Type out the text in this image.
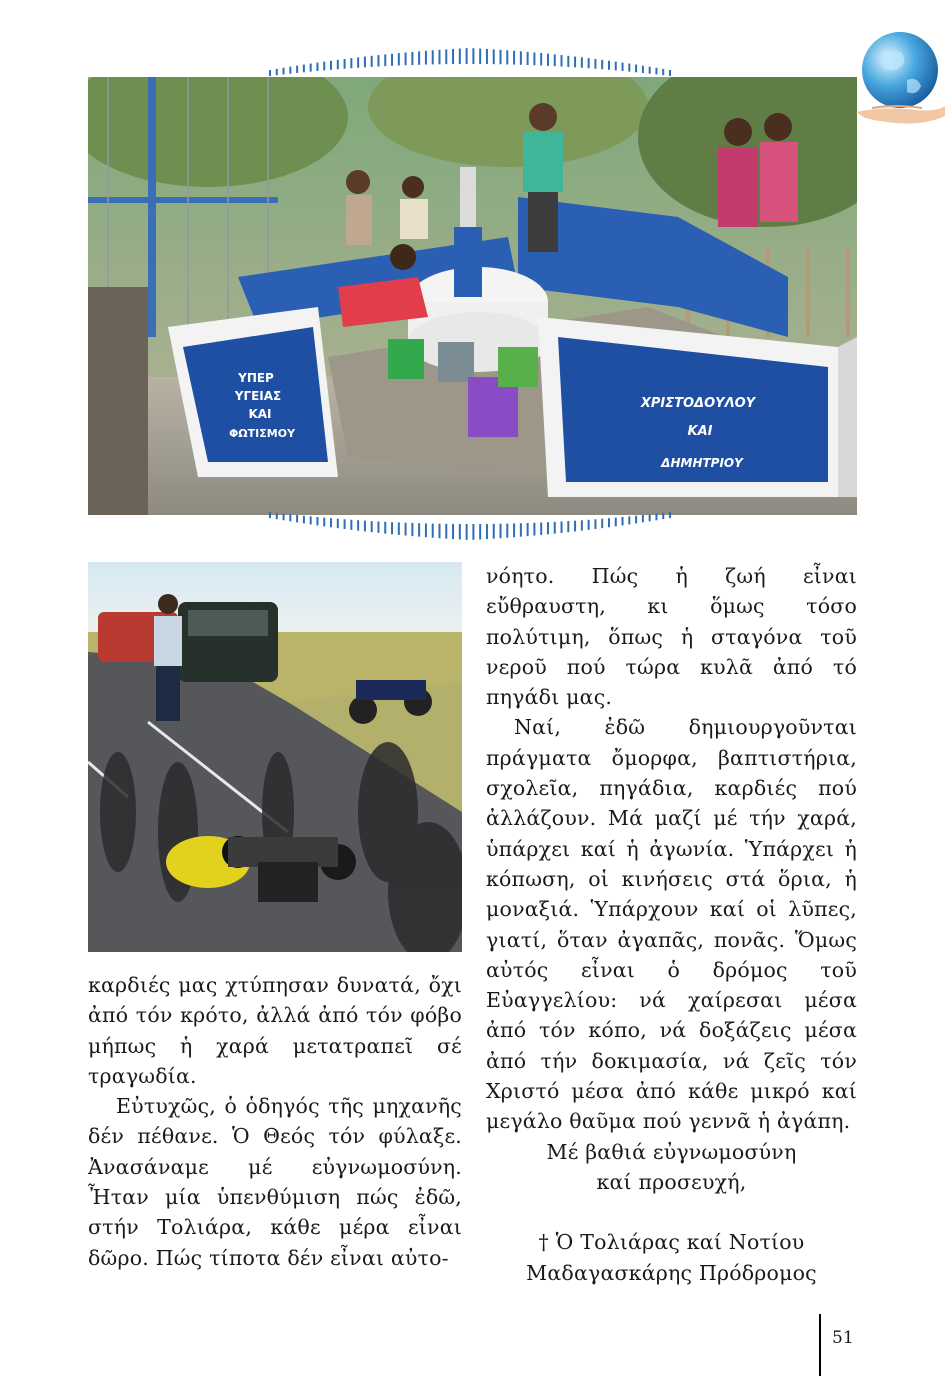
ΥΠΕΡ
ΥΓΕΙΑΣ
ΚΑΙ
ΦΩΤΙΣΜΟΥ
ΧΡΙΣΤΟΔΟΥΛΟΥ
ΚΑΙ
ΔΗΜΗΤΡΙΟΥ

καρδιές μας χτύπησαν δυνατά, ὄχι ἀπό τόν κρότο, ἀλλά ἀπό τόν φόβο μήπως ἡ χαρά μετατραπεῖ σέ τραγωδία.

Εὐτυχῶς, ὁ ὁδηγός τῆς μηχανῆς δέν πέθανε. Ὁ Θεός τόν φύλαξε. Ἀνασάναμε μέ εὐγνωμοσύνη. Ἦταν μία ὑπενθύμιση πώς ἐδῶ, στήν Τολιάρα, κάθε μέρα εἶναι δῶρο. Πώς τίποτα δέν εἶναι αὐτο-

νόητο. Πώς ἡ ζωή εἶναι εὔθραυστη, κι ὅμως τόσο πολύτιμη, ὅπως ἡ σταγόνα τοῦ νεροῦ πού τώρα κυλᾶ ἀπό τό πηγάδι μας.

Ναί, ἐδῶ δημιουργοῦνται πράγματα ὄμορφα, βαπτιστήρια, σχολεῖα, πηγάδια, καρδιές πού ἀλλάζουν. Μά μαζί μέ τήν χαρά, ὑπάρχει καί ἡ ἀγωνία. Ὑπάρχει ἡ κόπωση, οἱ κινήσεις στά ὅρια, ἡ μοναξιά. Ὑπάρχουν καί οἱ λῦπες, γιατί, ὅταν ἀγαπᾶς, πονᾶς. Ὅμως αὐτός εἶναι ὁ δρόμος τοῦ Εὐαγγελίου: νά χαίρεσαι μέσα ἀπό τόν κόπο, νά δοξάζεις μέσα ἀπό τήν δοκιμασία, νά ζεῖς τόν Χριστό μέσα ἀπό κάθε μικρό καί μεγάλο θαῦμα πού γεννᾶ ἡ ἀγάπη.

Μέ βαθιά εὐγνωμοσύνη

καί προσευχή,

† Ὁ Τολιάρας καί Νοτίου

Μαδαγασκάρης Πρόδρομος

51
